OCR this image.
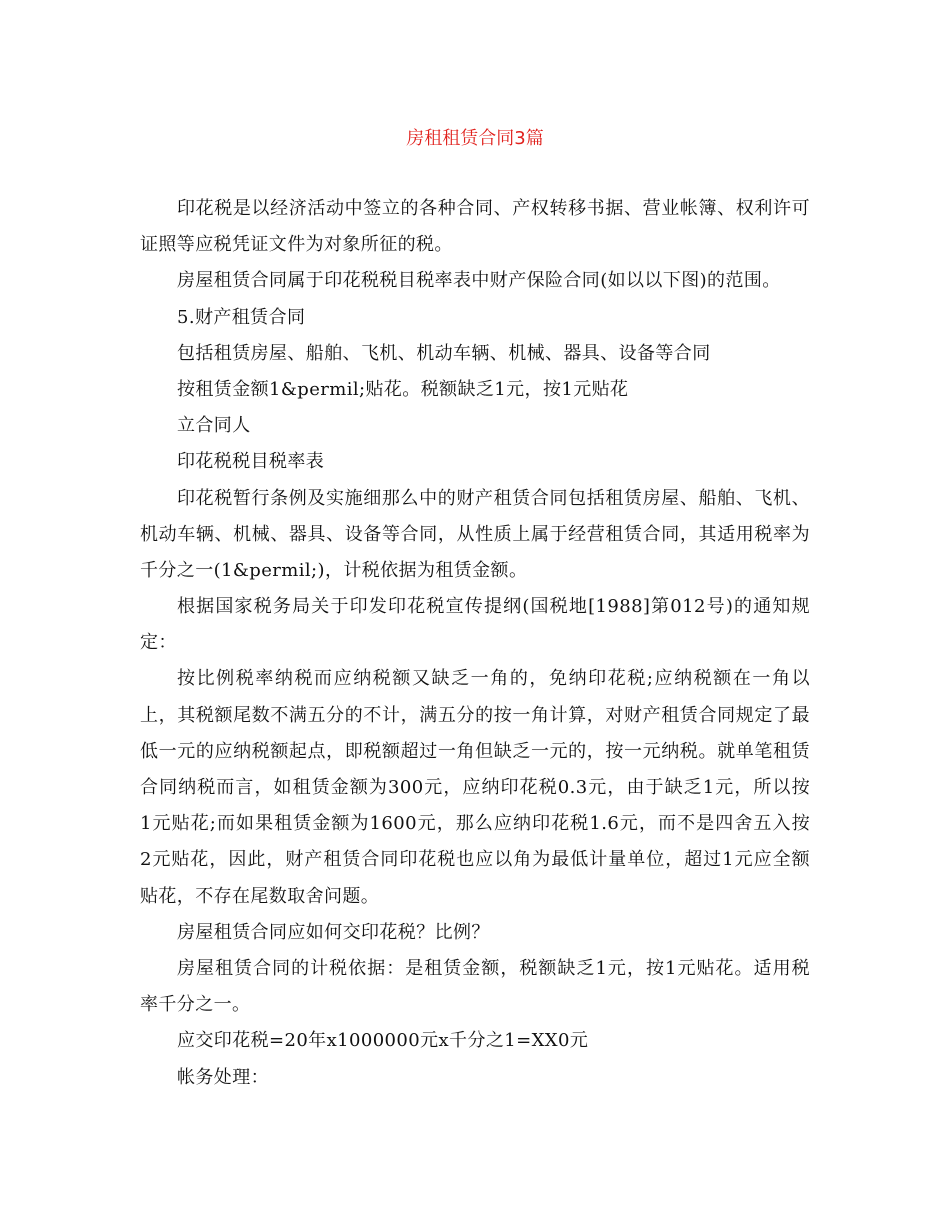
房租租赁合同3篇
印花税是以经济活动中签立的各种合同、产权转移书据、营业帐簿、权利许可
证照等应税凭证文件为对象所征的税。
房屋租赁合同属于印花税税目税率表中财产保险合同(如以以下图)的范围。
5.财产租赁合同
包括租赁房屋、船舶、飞机、机动车辆、机械、器具、设备等合同
按租赁金额1&permil;贴花。税额缺乏1元，按1元贴花
立合同人
印花税税目税率表
印花税暂行条例及实施细那么中的财产租赁合同包括租赁房屋、船舶、飞机、
机动车辆、机械、器具、设备等合同，从性质上属于经营租赁合同，其适用税率为
千分之一(1&permil;)，计税依据为租赁金额。
根据国家税务局关于印发印花税宣传提纲(国税地[1988]第012号)的通知规
定：
按比例税率纳税而应纳税额又缺乏一角的，免纳印花税;应纳税额在一角以
上，其税额尾数不满五分的不计，满五分的按一角计算，对财产租赁合同规定了最
低一元的应纳税额起点，即税额超过一角但缺乏一元的，按一元纳税。就单笔租赁
合同纳税而言，如租赁金额为300元，应纳印花税0.3元，由于缺乏1元，所以按
1元贴花;而如果租赁金额为1600元，那么应纳印花税1.6元，而不是四舍五入按
2元贴花，因此，财产租赁合同印花税也应以角为最低计量单位，超过1元应全额
贴花，不存在尾数取舍问题。
房屋租赁合同应如何交印花税？比例？
房屋租赁合同的计税依据：是租赁金额，税额缺乏1元，按1元贴花。适用税
率千分之一。
应交印花税=20年x1000000元x千分之1=XX0元
帐务处理：
